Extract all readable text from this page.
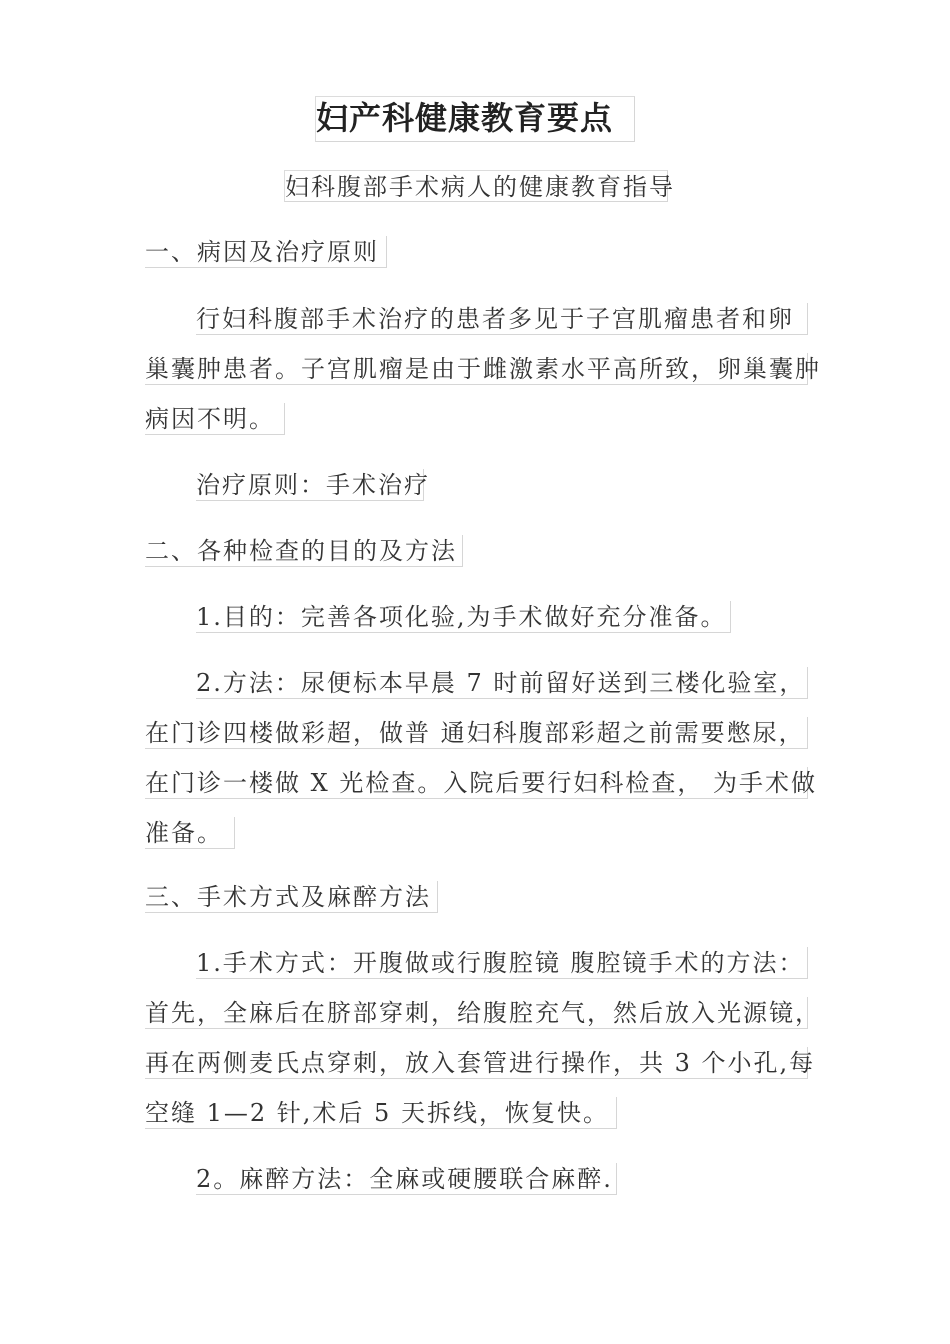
妇产科健康教育要点
妇科腹部手术病人的健康教育指导
一、病因及治疗原则
行妇科腹部手术治疗的患者多见于子宫肌瘤患者和卵
巢囊肿患者。子宫肌瘤是由于雌激素水平高所致，卵巢囊肿
病因不明。
治疗原则：手术治疗
二、各种检查的目的及方法
1.目的：完善各项化验,为手术做好充分准备。
2.方法：尿便标本早晨 7 时前留好送到三楼化验室，
在门诊四楼做彩超，做普 通妇科腹部彩超之前需要憋尿，
在门诊一楼做 X 光检查。入院后要行妇科检查， 为手术做
准备。
三、手术方式及麻醉方法
1.手术方式：开腹做或行腹腔镜 腹腔镜手术的方法：
首先，全麻后在脐部穿刺，给腹腔充气，然后放入光源镜，
再在两侧麦氏点穿刺，放入套管进行操作，共 3 个小孔,每
空缝 1—2 针,术后 5 天拆线，恢复快。
2。麻醉方法：全麻或硬腰联合麻醉.
